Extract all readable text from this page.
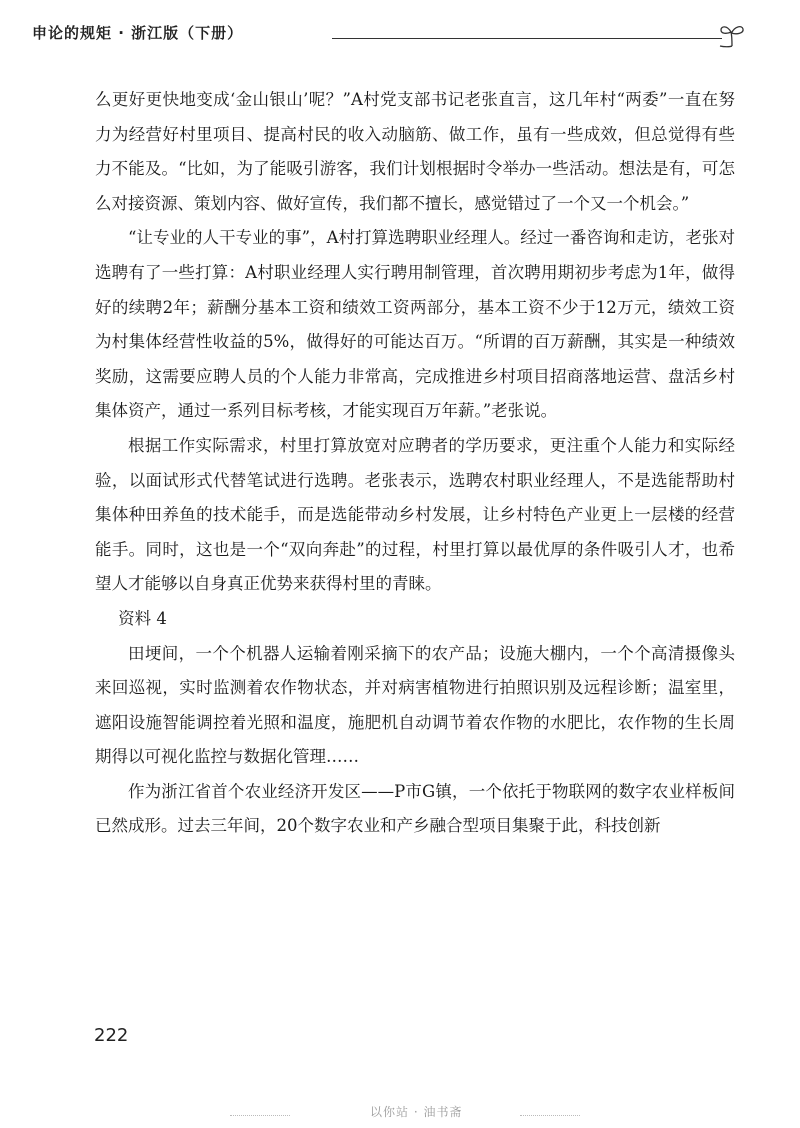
申论的规矩 · 浙江版（下册）

么更好更快地变成‘金山银山’呢？”A村党支部书记老张直言，这几年村“两委”一直在努力为经营好村里项目、提高村民的收入动脑筋、做工作，虽有一些成效，但总觉得有些力不能及。“比如，为了能吸引游客，我们计划根据时令举办一些活动。想法是有，可怎么对接资源、策划内容、做好宣传，我们都不擅长，感觉错过了一个又一个机会。”

“让专业的人干专业的事”，A村打算选聘职业经理人。经过一番咨询和走访，老张对选聘有了一些打算：A村职业经理人实行聘用制管理，首次聘用期初步考虑为1年，做得好的续聘2年；薪酬分基本工资和绩效工资两部分，基本工资不少于12万元，绩效工资为村集体经营性收益的5%，做得好的可能达百万。“所谓的百万薪酬，其实是一种绩效奖励，这需要应聘人员的个人能力非常高，完成推进乡村项目招商落地运营、盘活乡村集体资产，通过一系列目标考核，才能实现百万年薪。”老张说。

根据工作实际需求，村里打算放宽对应聘者的学历要求，更注重个人能力和实际经验，以面试形式代替笔试进行选聘。老张表示，选聘农村职业经理人，不是选能帮助村集体种田养鱼的技术能手，而是选能带动乡村发展，让乡村特色产业更上一层楼的经营能手。同时，这也是一个“双向奔赴”的过程，村里打算以最优厚的条件吸引人才，也希望人才能够以自身真正优势来获得村里的青睐。

资料 4

田埂间，一个个机器人运输着刚采摘下的农产品；设施大棚内，一个个高清摄像头来回巡视，实时监测着农作物状态，并对病害植物进行拍照识别及远程诊断；温室里，遮阳设施智能调控着光照和温度，施肥机自动调节着农作物的水肥比，农作物的生长周期得以可视化监控与数据化管理……

作为浙江省首个农业经济开发区——P市G镇，一个依托于物联网的数字农业样板间已然成形。过去三年间，20个数字农业和产乡融合型项目集聚于此，科技创新

222
以你站 · 油书斋
